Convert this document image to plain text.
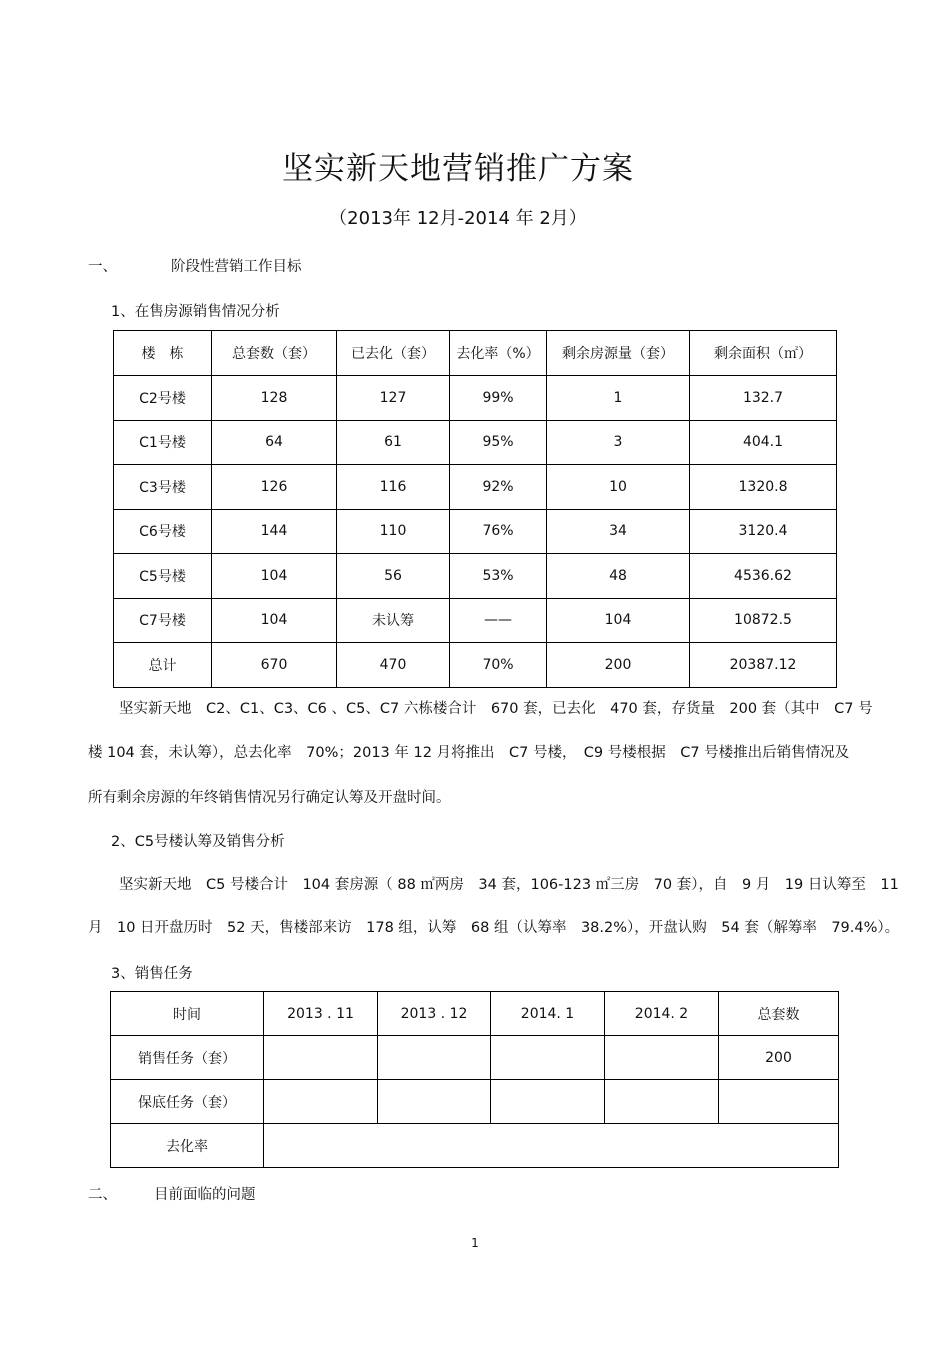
坚实新天地营销推广方案
（2013年 12月-2014 年 2月）
一、	阶段性营销工作目标
1、在售房源销售情况分析
楼　栋	总套数（套）	已去化（套）	去化率（%）	剩余房源量（套）	剩余面积（㎡）
C2号楼	128	127	99%	1	132.7
C1号楼	64	61	95%	3	404.1
C3号楼	126	116	92%	10	1320.8
C6号楼	144	110	76%	34	3120.4
C5号楼	104	56	53%	48	4536.62
C7号楼	104	未认筹	——	104	10872.5
总计	670	470	70%	200	20387.12
坚实新天地　C2、C1、C3、C6 、C5、C7 六栋楼合计　670 套，已去化　470 套，存货量　200 套（其中　C7 号
楼 104 套，未认筹），总去化率　70%；2013 年 12 月将推出　C7 号楼，　C9 号楼根据　C7 号楼推出后销售情况及
所有剩余房源的年终销售情况另行确定认筹及开盘时间。
2、C5号楼认筹及销售分析
坚实新天地　C5 号楼合计　104 套房源（ 88 ㎡两房　34 套，106-123 ㎡三房　70 套），自　9 月　19 日认筹至　11
月　10 日开盘历时　52 天，售楼部来访　178 组，认筹　68 组（认筹率　38.2%），开盘认购　54 套（解筹率　79.4%）。
3、销售任务
时间	2013 . 11	2013 . 12	2014. 1	2014. 2	总套数
销售任务（套）					200
保底任务（套）					
去化率					
二、	目前面临的问题
1
